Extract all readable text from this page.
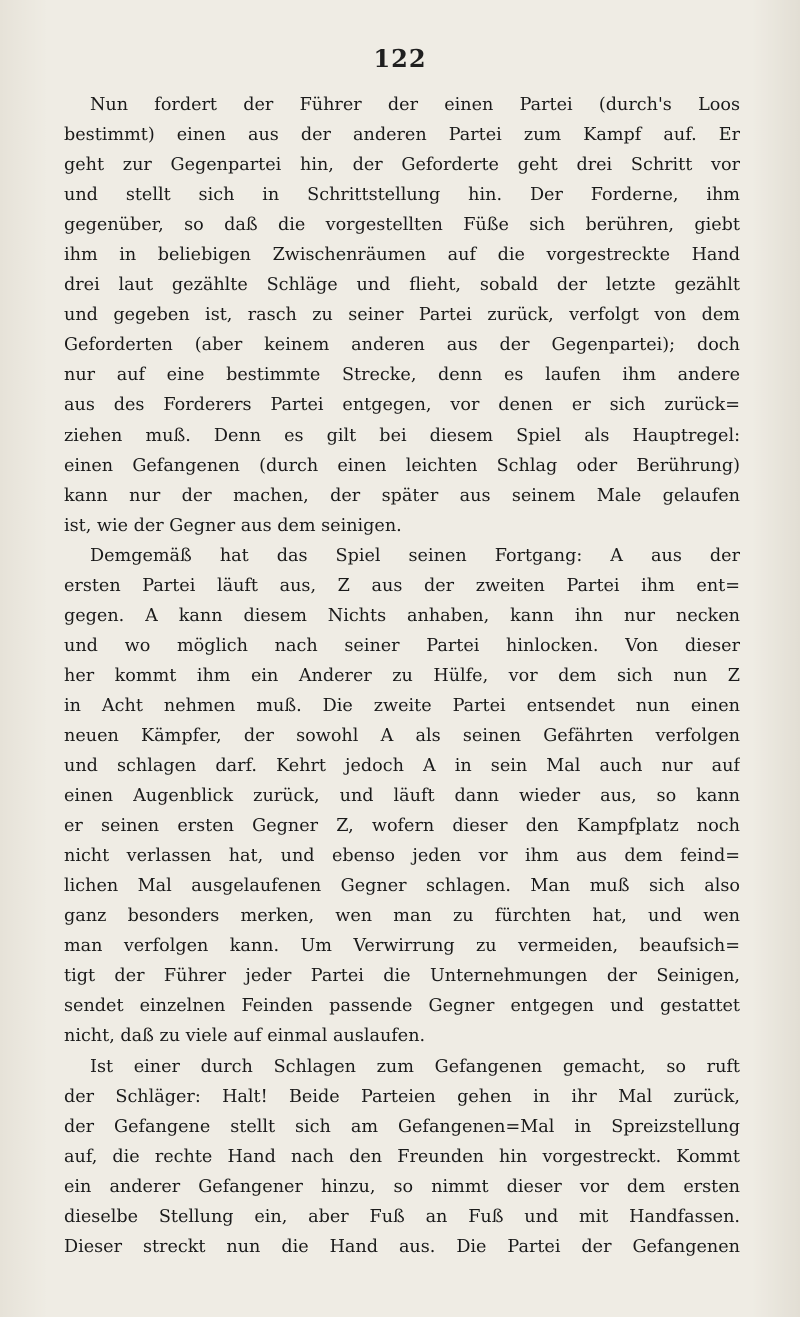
122
Nun fordert der Führer der einen Partei (durch's Loos
bestimmt) einen aus der anderen Partei zum Kampf auf. Er
geht zur Gegenpartei hin, der Geforderte geht drei Schritt vor
und stellt sich in Schrittstellung hin. Der Forderne, ihm
gegenüber, so daß die vorgestellten Füße sich berühren, giebt
ihm in beliebigen Zwischenräumen auf die vorgestreckte Hand
drei laut gezählte Schläge und flieht, sobald der letzte gezählt
und gegeben ist, rasch zu seiner Partei zurück, verfolgt von dem
Geforderten (aber keinem anderen aus der Gegenpartei); doch
nur auf eine bestimmte Strecke, denn es laufen ihm andere
aus des Forderers Partei entgegen, vor denen er sich zurück=
ziehen muß. Denn es gilt bei diesem Spiel als Hauptregel:
einen Gefangenen (durch einen leichten Schlag oder Berührung)
kann nur der machen, der später aus seinem Male gelaufen
ist, wie der Gegner aus dem seinigen.
Demgemäß hat das Spiel seinen Fortgang: A aus der
ersten Partei läuft aus, Z aus der zweiten Partei ihm ent=
gegen. A kann diesem Nichts anhaben, kann ihn nur necken
und wo möglich nach seiner Partei hinlocken. Von dieser
her kommt ihm ein Anderer zu Hülfe, vor dem sich nun Z
in Acht nehmen muß. Die zweite Partei entsendet nun einen
neuen Kämpfer, der sowohl A als seinen Gefährten verfolgen
und schlagen darf. Kehrt jedoch A in sein Mal auch nur auf
einen Augenblick zurück, und läuft dann wieder aus, so kann
er seinen ersten Gegner Z, wofern dieser den Kampfplatz noch
nicht verlassen hat, und ebenso jeden vor ihm aus dem feind=
lichen Mal ausgelaufenen Gegner schlagen. Man muß sich also
ganz besonders merken, wen man zu fürchten hat, und wen
man verfolgen kann. Um Verwirrung zu vermeiden, beaufsich=
tigt der Führer jeder Partei die Unternehmungen der Seinigen,
sendet einzelnen Feinden passende Gegner entgegen und gestattet
nicht, daß zu viele auf einmal auslaufen.
Ist einer durch Schlagen zum Gefangenen gemacht, so ruft
der Schläger: Halt! Beide Parteien gehen in ihr Mal zurück,
der Gefangene stellt sich am Gefangenen=Mal in Spreizstellung
auf, die rechte Hand nach den Freunden hin vorgestreckt. Kommt
ein anderer Gefangener hinzu, so nimmt dieser vor dem ersten
dieselbe Stellung ein, aber Fuß an Fuß und mit Handfassen.
Dieser streckt nun die Hand aus. Die Partei der Gefangenen
